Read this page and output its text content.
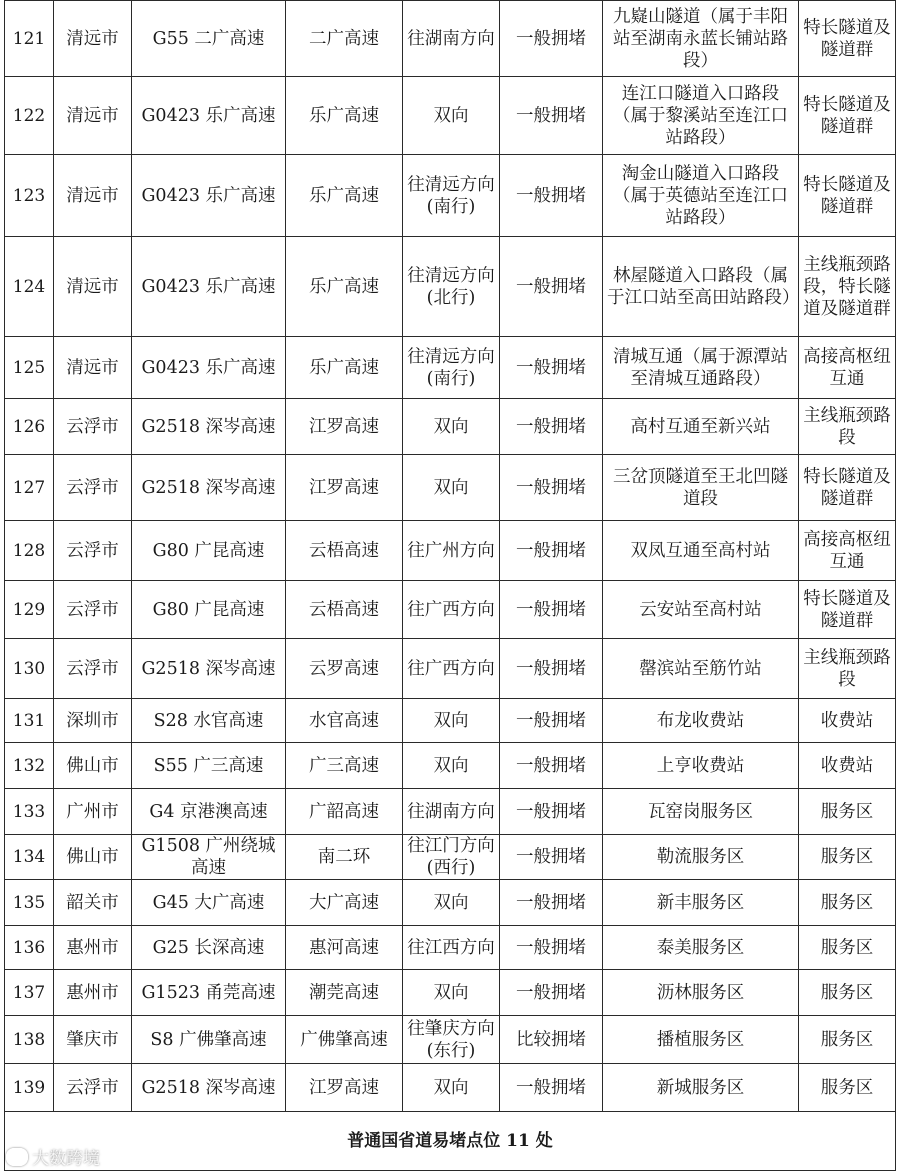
121	清远市	G55 二广高速	二广高速	往湖南方向	一般拥堵	九嶷山隧道（属于丰阳站至湖南永蓝长铺站路段）	特长隧道及隧道群
122	清远市	G0423 乐广高速	乐广高速	双向	一般拥堵	连江口隧道入口路段（属于黎溪站至连江口站路段）	特长隧道及隧道群
123	清远市	G0423 乐广高速	乐广高速	往清远方向(南行)	一般拥堵	淘金山隧道入口路段（属于英德站至连江口站路段）	特长隧道及隧道群
124	清远市	G0423 乐广高速	乐广高速	往清远方向(北行)	一般拥堵	林屋隧道入口路段（属于江口站至高田站路段）	主线瓶颈路段，特长隧道及隧道群
125	清远市	G0423 乐广高速	乐广高速	往清远方向(南行)	一般拥堵	清城互通（属于源潭站至清城互通路段）	高接高枢纽互通
126	云浮市	G2518 深岑高速	江罗高速	双向	一般拥堵	高村互通至新兴站	主线瓶颈路段
127	云浮市	G2518 深岑高速	江罗高速	双向	一般拥堵	三岔顶隧道至王北凹隧道段	特长隧道及隧道群
128	云浮市	G80 广昆高速	云梧高速	往广州方向	一般拥堵	双凤互通至高村站	高接高枢纽互通
129	云浮市	G80 广昆高速	云梧高速	往广西方向	一般拥堵	云安站至高村站	特长隧道及隧道群
130	云浮市	G2518 深岑高速	云罗高速	往广西方向	一般拥堵	罄滨站至筋竹站	主线瓶颈路段
131	深圳市	S28 水官高速	水官高速	双向	一般拥堵	布龙收费站	收费站
132	佛山市	S55 广三高速	广三高速	双向	一般拥堵	上亨收费站	收费站
133	广州市	G4 京港澳高速	广韶高速	往湖南方向	一般拥堵	瓦窑岗服务区	服务区
134	佛山市	G1508 广州绕城高速	南二环	往江门方向(西行)	一般拥堵	勒流服务区	服务区
135	韶关市	G45 大广高速	大广高速	双向	一般拥堵	新丰服务区	服务区
136	惠州市	G25 长深高速	惠河高速	往江西方向	一般拥堵	泰美服务区	服务区
137	惠州市	G1523 甬莞高速	潮莞高速	双向	一般拥堵	沥林服务区	服务区
138	肇庆市	S8 广佛肇高速	广佛肇高速	往肇庆方向(东行)	比较拥堵	播植服务区	服务区
139	云浮市	G2518 深岑高速	江罗高速	双向	一般拥堵	新城服务区	服务区
普通国省道易堵点位 11 处							
大数跨境
